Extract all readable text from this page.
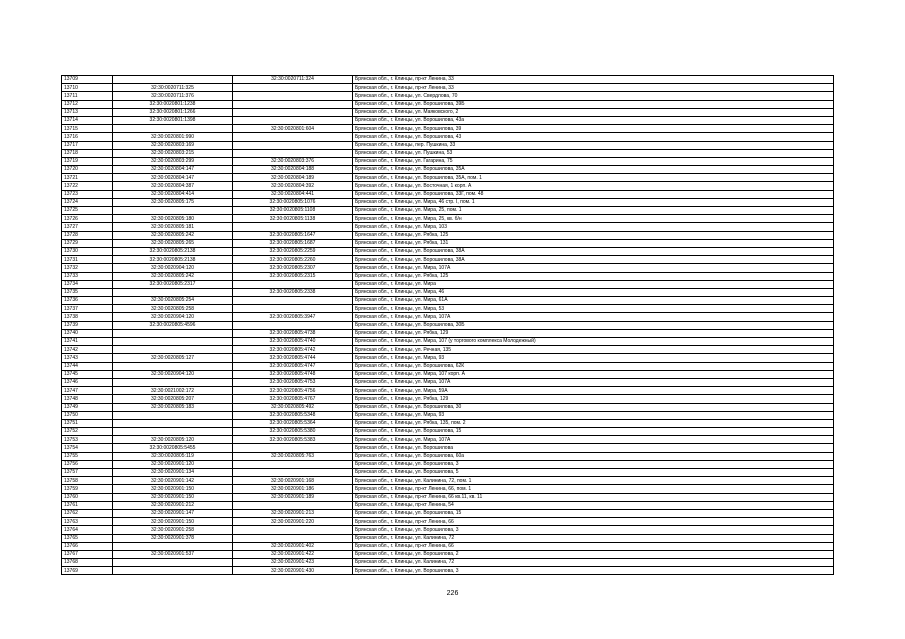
13709		32:30:0020711:324	Брянская обл., г. Клинцы, пр-кт Ленина, 33
13710	32:30:0020711:325		Брянская обл., г. Клинцы, пр-кт Ленина, 33
13711	32:30:0020711:376		Брянская обл., г. Клинцы, ул. Свердлова, 70
13712	32:30:0020801:1238		Брянская обл., г. Клинцы, ул. Ворошилова, 39Б
13713	32:30:0020801:1266		Брянская обл., г. Клинцы, ул. Маяковского, 2
13714	32:30:0020801:1398		Брянская обл., г. Клинцы, ул. Ворошилова, 43а
13715		32:30:0020801:604	Брянская обл., г. Клинцы, ул. Ворошилова, 39
13716	32:30:0020801:990		Брянская обл., г. Клинцы, ул. Ворошилова, 43
13717	32:30:0020803:169		Брянская обл., г. Клинцы, пер. Пушкина, 33
13718	32:30:0020803:215		Брянская обл., г. Клинцы, ул. Пушкина, 53
13719	32:30:0020803:299	32:30:0020803:376	Брянская обл., г. Клинцы, ул. Гагарина, 75
13720	32:30:0020804:147	32:30:0020804:188	Брянская обл., г. Клинцы, ул. Ворошилова, 35А
13721	32:30:0020804:147	32:30:0020804:189	Брянская обл., г. Клинцы, ул. Ворошилова, 35А, пом. 1
13722	32:30:0020804:387	32:30:0020804:392	Брянская обл., г. Клинцы, ул. Восточная, 1 корп. А
13723	32:30:0020804:414	32:30:0020804:441	Брянская обл., г. Клинцы, ул. Ворошилова, 33Г, пом. 48
13724	32:30:0020805:175	32:30:0020805:1076	Брянская обл., г. Клинцы, ул. Мира, 46 стр. I, пом. 1
13725		32:30:0020805:1108	Брянская обл., г. Клинцы, ул. Мира, 25, пом. 1
13726	32:30:0020805:180	32:30:0020805:1138	Брянская обл., г. Клинцы, ул. Мира, 25, кв. б/н
13727	32:30:0020805:181		Брянская обл., г. Клинцы, ул. Мира, 103
13728	32:30:0020805:242	32:30:0020805:1647	Брянская обл., г. Клинцы, ул. Рябка, 125
13729	32:30:0020805:265	32:30:0020805:1687	Брянская обл., г. Клинцы, ул. Рябка, 131
13730	32:30:0020805:2138	32:30:0020805:2259	Брянская обл., г. Клинцы, ул. Ворошилова, 38А
13731	32:30:0020805:2138	32:30:0020805:2260	Брянская обл., г. Клинцы, ул. Ворошилова, 38А
13732	32:30:0020904:120	32:30:0020805:2307	Брянская обл., г. Клинцы, ул. Мира, 107А
13733	32:30:0020805:242	32:30:0020805:2315	Брянская обл., г. Клинцы, ул. Рябка, 125
13734	32:30:0020805:2317		Брянская обл., г. Клинцы, ул. Мира
13735		32:30:0020805:2338	Брянская обл., г. Клинцы, ул. Мира, 46
13736	32:30:0020805:254		Брянская обл., г. Клинцы, ул. Мира, 61А
13737	32:30:0020805:258		Брянская обл., г. Клинцы, ул. Мира, 53
13738	32:30:0020904:120	32:30:0020805:3947	Брянская обл., г. Клинцы, ул. Мира, 107А
13739	32:30:0020805:4596		Брянская обл., г. Клинцы, ул. Ворошилова, 30Б
13740		32:30:0020805:4738	Брянская обл., г. Клинцы, ул. Рябка, 129
13741		32:30:0020805:4740	Брянская обл., г. Клинцы, ул. Мира, 107 (у торгового комплекса Молодежный)
13742		32:30:0020805:4742	Брянская обл., г. Клинцы, ул. Речная, 135
13743	32:30:0020805:127	32:30:0020805:4744	Брянская обл., г. Клинцы, ул. Мира, 93
13744		32:30:0020805:4747	Брянская обл., г. Клинцы, ул. Ворошилова, 62К
13745	32:30:0020904:120	32:30:0020805:4748	Брянская обл., г. Клинцы, ул. Мира, 107 корп. А
13746		32:30:0020805:4753	Брянская обл., г. Клинцы, ул. Мира, 107А
13747	32:30:0021002:172	32:30:0020805:4756	Брянская обл., г. Клинцы, ул. Мира, 59А
13748	32:30:0020805:207	32:30:0020805:4767	Брянская обл., г. Клинцы, ул. Рябка, 129
13749	32:30:0020805:183	32:30:0020805:492	Брянская обл., г. Клинцы, ул. Ворошилова, 30
13750		32:30:0020805:5348	Брянская обл., г. Клинцы, ул. Мира, 93
13751		32:30:0020805:5364	Брянская обл., г. Клинцы, ул. Рябка, 135, пом. 2
13752		32:30:0020805:5380	Брянская обл., г. Клинцы, ул. Ворошилова, 15
13753	32:30:0020805:120	32:30:0020805:5383	Брянская обл., г. Клинцы, ул. Мира, 107А
13754	32:30:0020805:5455		Брянская обл., г. Клинцы, ул. Ворошилова
13755	32:30:0020805:119	32:30:0020805:763	Брянская обл., г. Клинцы, ул. Ворошилова, 60а
13756	32:30:0020901:120		Брянская обл., г. Клинцы, ул. Ворошилова, 3
13757	32:30:0020901:134		Брянская обл., г. Клинцы, ул. Ворошилова, 5
13758	32:30:0020901:142	32:30:0020901:168	Брянская обл., г. Клинцы, ул. Калинина, 72, пом. 1
13759	32:30:0020901:150	32:30:0020901:186	Брянская обл., г. Клинцы, пр-кт Ленина, 66, пом. 1
13760	32:30:0020901:150	32:30:0020901:189	Брянская обл., г. Клинцы, пр-кт Ленина, 66 кв.11, кв. 11
13761	32:30:0020901:212		Брянская обл., г. Клинцы, пр-кт Ленина, 54
13762	32:30:0020901:147	32:30:0020901:213	Брянская обл., г. Клинцы, ул. Ворошилова, 15
13763	32:30:0020901:150	32:30:0020901:220	Брянская обл., г. Клинцы, пр-кт Ленина, 66
13764	32:30:0020901:258		Брянская обл., г. Клинцы, ул. Ворошилова, 3
13765	32:30:0020901:378		Брянская обл., г. Клинцы, ул. Калинина, 72
13766		32:30:0020901:402	Брянская обл., г. Клинцы, пр-кт Ленина, 66
13767	32:30:0020901:537	32:30:0020901:422	Брянская обл., г. Клинцы, ул. Ворошилова, 2
13768		32:30:0020901:423	Брянская обл., г. Клинцы, ул. Калинина, 72
13769		32:30:0020901:430	Брянская обл., г. Клинцы, ул. Ворошилова, 3
226
